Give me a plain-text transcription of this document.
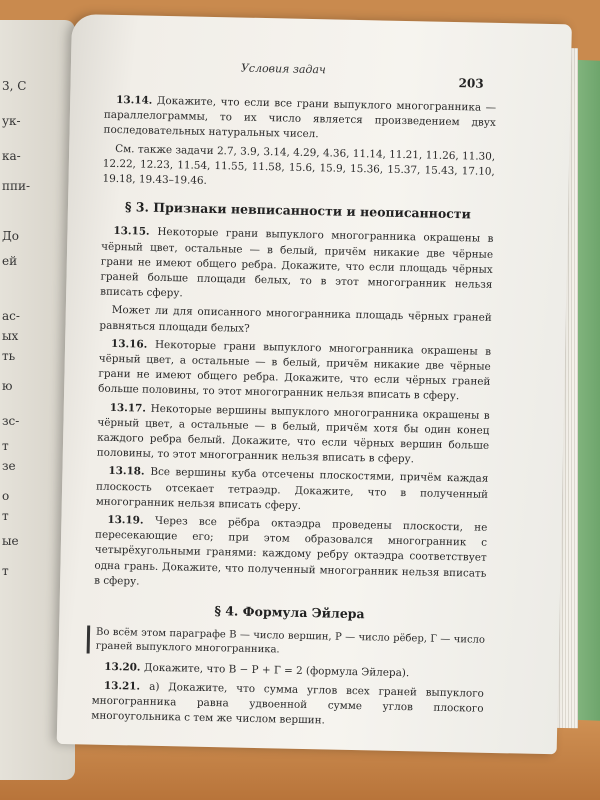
3, C
ук-
ка-
ппи-
До
ей
ас-
ых
ть
ю
зс-
т
зе
о
т
ые
т
Условия задач
203

13.14. Докажите, что если все грани выпуклого многогранника — параллелограммы, то их число является произведением двух последовательных натуральных чисел.

См. также задачи 2.7, 3.9, 3.14, 4.29, 4.36, 11.14, 11.21, 11.26, 11.30, 12.22, 12.23, 11.54, 11.55, 11.58, 15.6, 15.9, 15.36, 15.37, 15.43, 17.10, 19.18, 19.43–19.46.

§ 3. Признаки невписанности и неописанности

13.15. Некоторые грани выпуклого многогранника окрашены в чёрный цвет, остальные — в белый, причём никакие две чёрные грани не имеют общего ребра. Докажите, что если площадь чёрных граней больше площади белых, то в этот многогранник нельзя вписать сферу.

Может ли для описанного многогранника площадь чёрных граней равняться площади белых?

13.16. Некоторые грани выпуклого многогранника окрашены в чёрный цвет, а остальные — в белый, причём никакие две чёрные грани не имеют общего ребра. Докажите, что если чёрных граней больше половины, то этот многогранник нельзя вписать в сферу.

13.17. Некоторые вершины выпуклого многогранника окрашены в чёрный цвет, а остальные — в белый, причём хотя бы один конец каждого ребра белый. Докажите, что если чёрных вершин больше половины, то этот многогранник нельзя вписать в сферу.

13.18. Все вершины куба отсечены плоскостями, причём каждая плоскость отсекает тетраэдр. Докажите, что в полученный многогранник нельзя вписать сферу.

13.19. Через все рёбра октаэдра проведены плоскости, не пересекающие его; при этом образовался многогранник с четырёхугольными гранями: каждому ребру октаэдра соответствует одна грань. Докажите, что полученный многогранник нельзя вписать в сферу.

§ 4. Формула Эйлера
Во всём этом параграфе В — число вершин, Р — число рёбер, Г — число граней выпуклого многогранника.

13.20. Докажите, что В − Р + Г = 2 (формула Эйлера).

13.21. а) Докажите, что сумма углов всех граней выпуклого многогранника равна удвоенной сумме углов плоского многоугольника с тем же числом вершин.
